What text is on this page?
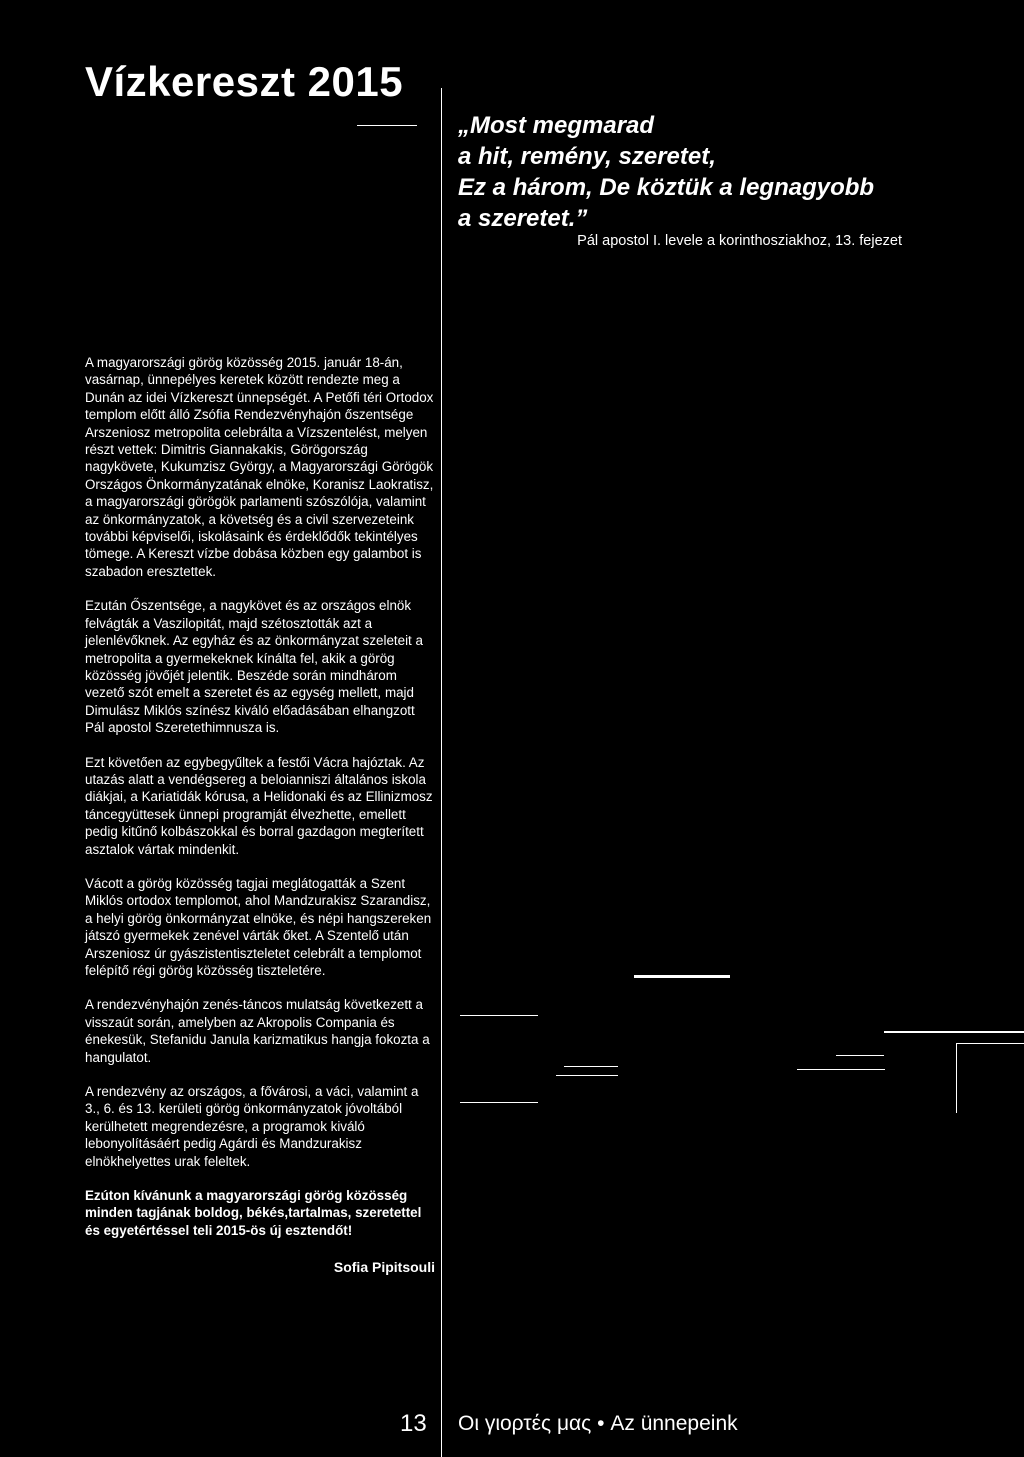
Vízkereszt 2015
„Most megmarad
a hit, remény, szeretet,
Ez a három, De köztük a legnagyobb
a szeretet.”
Pál apostol I. levele a korinthosziakhoz, 13. fejezet

A magyarországi görög közösség 2015. január 18-án, vasárnap, ünnepélyes keretek között rendezte meg a Dunán az idei Vízkereszt ünnepségét. A Petőfi téri Ortodox templom előtt álló Zsófia Rendezvényhajón őszentsége Arszeniosz metropolita celebrálta a Vízszentelést, melyen részt vettek: Dimitris Giannakakis, Görögország nagykövete, Kukumzisz György, a Magyarországi Görögök Országos Önkormányzatának elnöke, Koranisz Laokratisz, a magyarországi görögök parlamenti szószólója, valamint az önkormányzatok, a követség és a civil szervezeteink további képviselői, iskolásaink és érdeklődők tekintélyes tömege. A Kereszt vízbe dobása közben egy galambot is szabadon eresztettek.

Ezután Őszentsége, a nagykövet és az országos elnök felvágták a Vaszilopitát, majd szétosztották azt a jelenlévőknek. Az egyház és az önkormányzat szeleteit a metropolita a gyermekeknek kínálta fel, akik a görög közösség jövőjét jelentik. Beszéde során mindhárom vezető szót emelt a szeretet és az egység mellett, majd Dimulász Miklós színész kiváló előadásában elhangzott Pál apostol Szeretethimnusza is.

Ezt követően az egybegyűltek a festői Vácra hajóztak. Az utazás alatt a vendégsereg a beloianniszi általános iskola diákjai, a Kariatidák kórusa, a Helidonaki és az Ellinizmosz táncegyüttesek ünnepi programját élvezhette, emellett pedig kitűnő kolbászokkal és borral gazdagon megterített asztalok vártak mindenkit.

Vácott a görög közösség tagjai meglátogatták a Szent Miklós ortodox templomot, ahol Mandzurakisz Szarandisz, a helyi görög önkormányzat elnöke, és népi hangszereken játszó gyermekek zenével várták őket. A Szentelő után Arszeniosz úr gyászistentiszteletet celebrált a templomot felépítő régi görög közösség tiszteletére.

A rendezvényhajón zenés-táncos mulatság következett a visszaút során, amelyben az Akropolis Compania és énekesük, Stefanidu Janula karizmatikus hangja fokozta a hangulatot.

A rendezvény az országos, a fővárosi, a váci, valamint a 3., 6. és 13. kerületi görög önkormányzatok jóvoltából kerülhetett megrendezésre, a programok kiváló lebonyolításáért pedig Agárdi és Mandzurakisz elnökhelyettes urak feleltek.

Ezúton kívánunk a magyarországi görög közösség minden tagjának boldog, békés,tartalmas, szeretettel és egyetértéssel teli 2015-ös új esztendőt!

Sofia Pipitsouli
13 Οι γιορτές μας • Az ünnepeink
